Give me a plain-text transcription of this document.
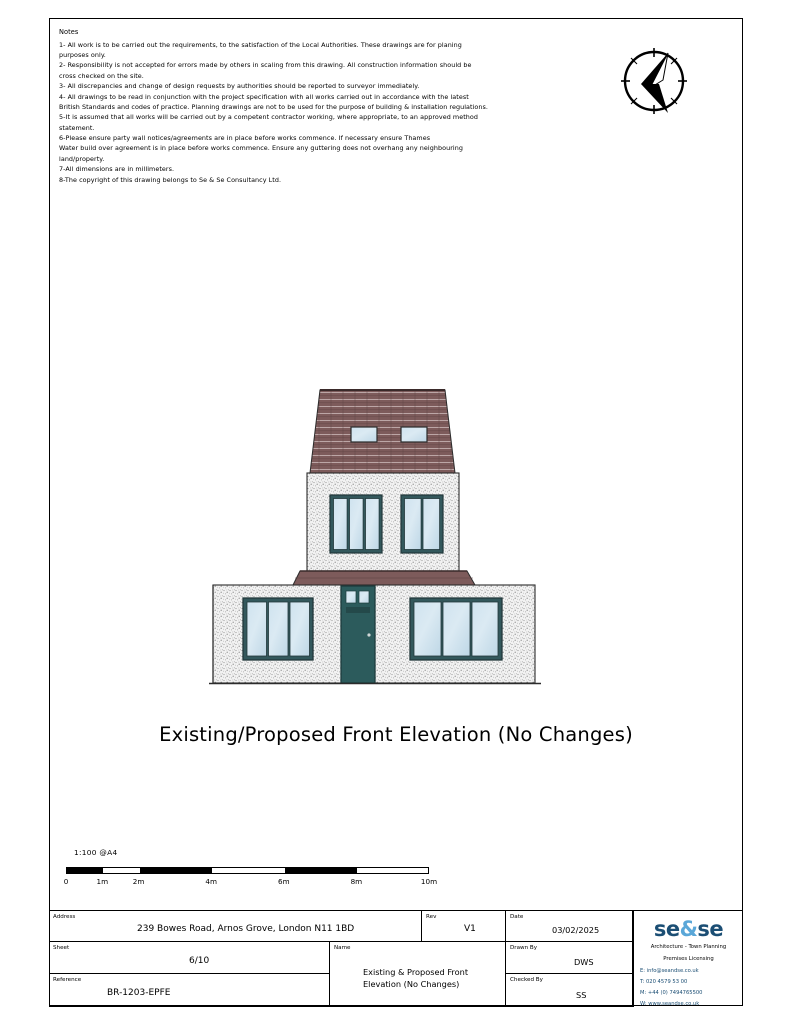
Notes

1- All work is to be carried out the requirements, to the satisfaction of the Local Authorities. These drawings are for planing purposes only.

2- Responsibility is not accepted for errors made by others in scaling from this drawing. All construction information should be cross checked on the site.

3- All discrepancies and change of design requests by authorities should be reported to surveyor immediately.

4- All drawings to be read in conjunction with the project specification with all works carried out in accordance with the latest British Standards and codes of practice. Planning drawings are not to be used for the purpose of building & installation regulations.

5-It is assumed that all works will be carried out by a competent contractor working, where appropriate, to an approved method statement.

6-Please ensure party wall notices/agreements are in place before works commence. If necessary ensure Thames

Water build over agreement is in place before works commence. Ensure any guttering does not overhang any neighbouring land/property.

7-All dimensions are in millimeters.

8-The copyright of this drawing belongs to Se & Se Consultancy Ltd.

Existing/Proposed Front Elevation (No Changes)
1:100 @A4
0	1m	2m	4m	6m	8m	10m
Address
239 Bowes Road, Arnos Grove, London N11 1BD
Rev
V1
Date
03/02/2025
Sheet
6/10
Name
Existing & Proposed Front Elevation (No Changes)
Drawn By
DWS
Reference
BR-1203-EPFE
Checked By
SS
se&se
Architecture - Town Planning
Premises Licensing
E: info@seandse.co.uk
T: 020 4579 53 00
M: +44 (0) 7494765500
W: www.seandse.co.uk
